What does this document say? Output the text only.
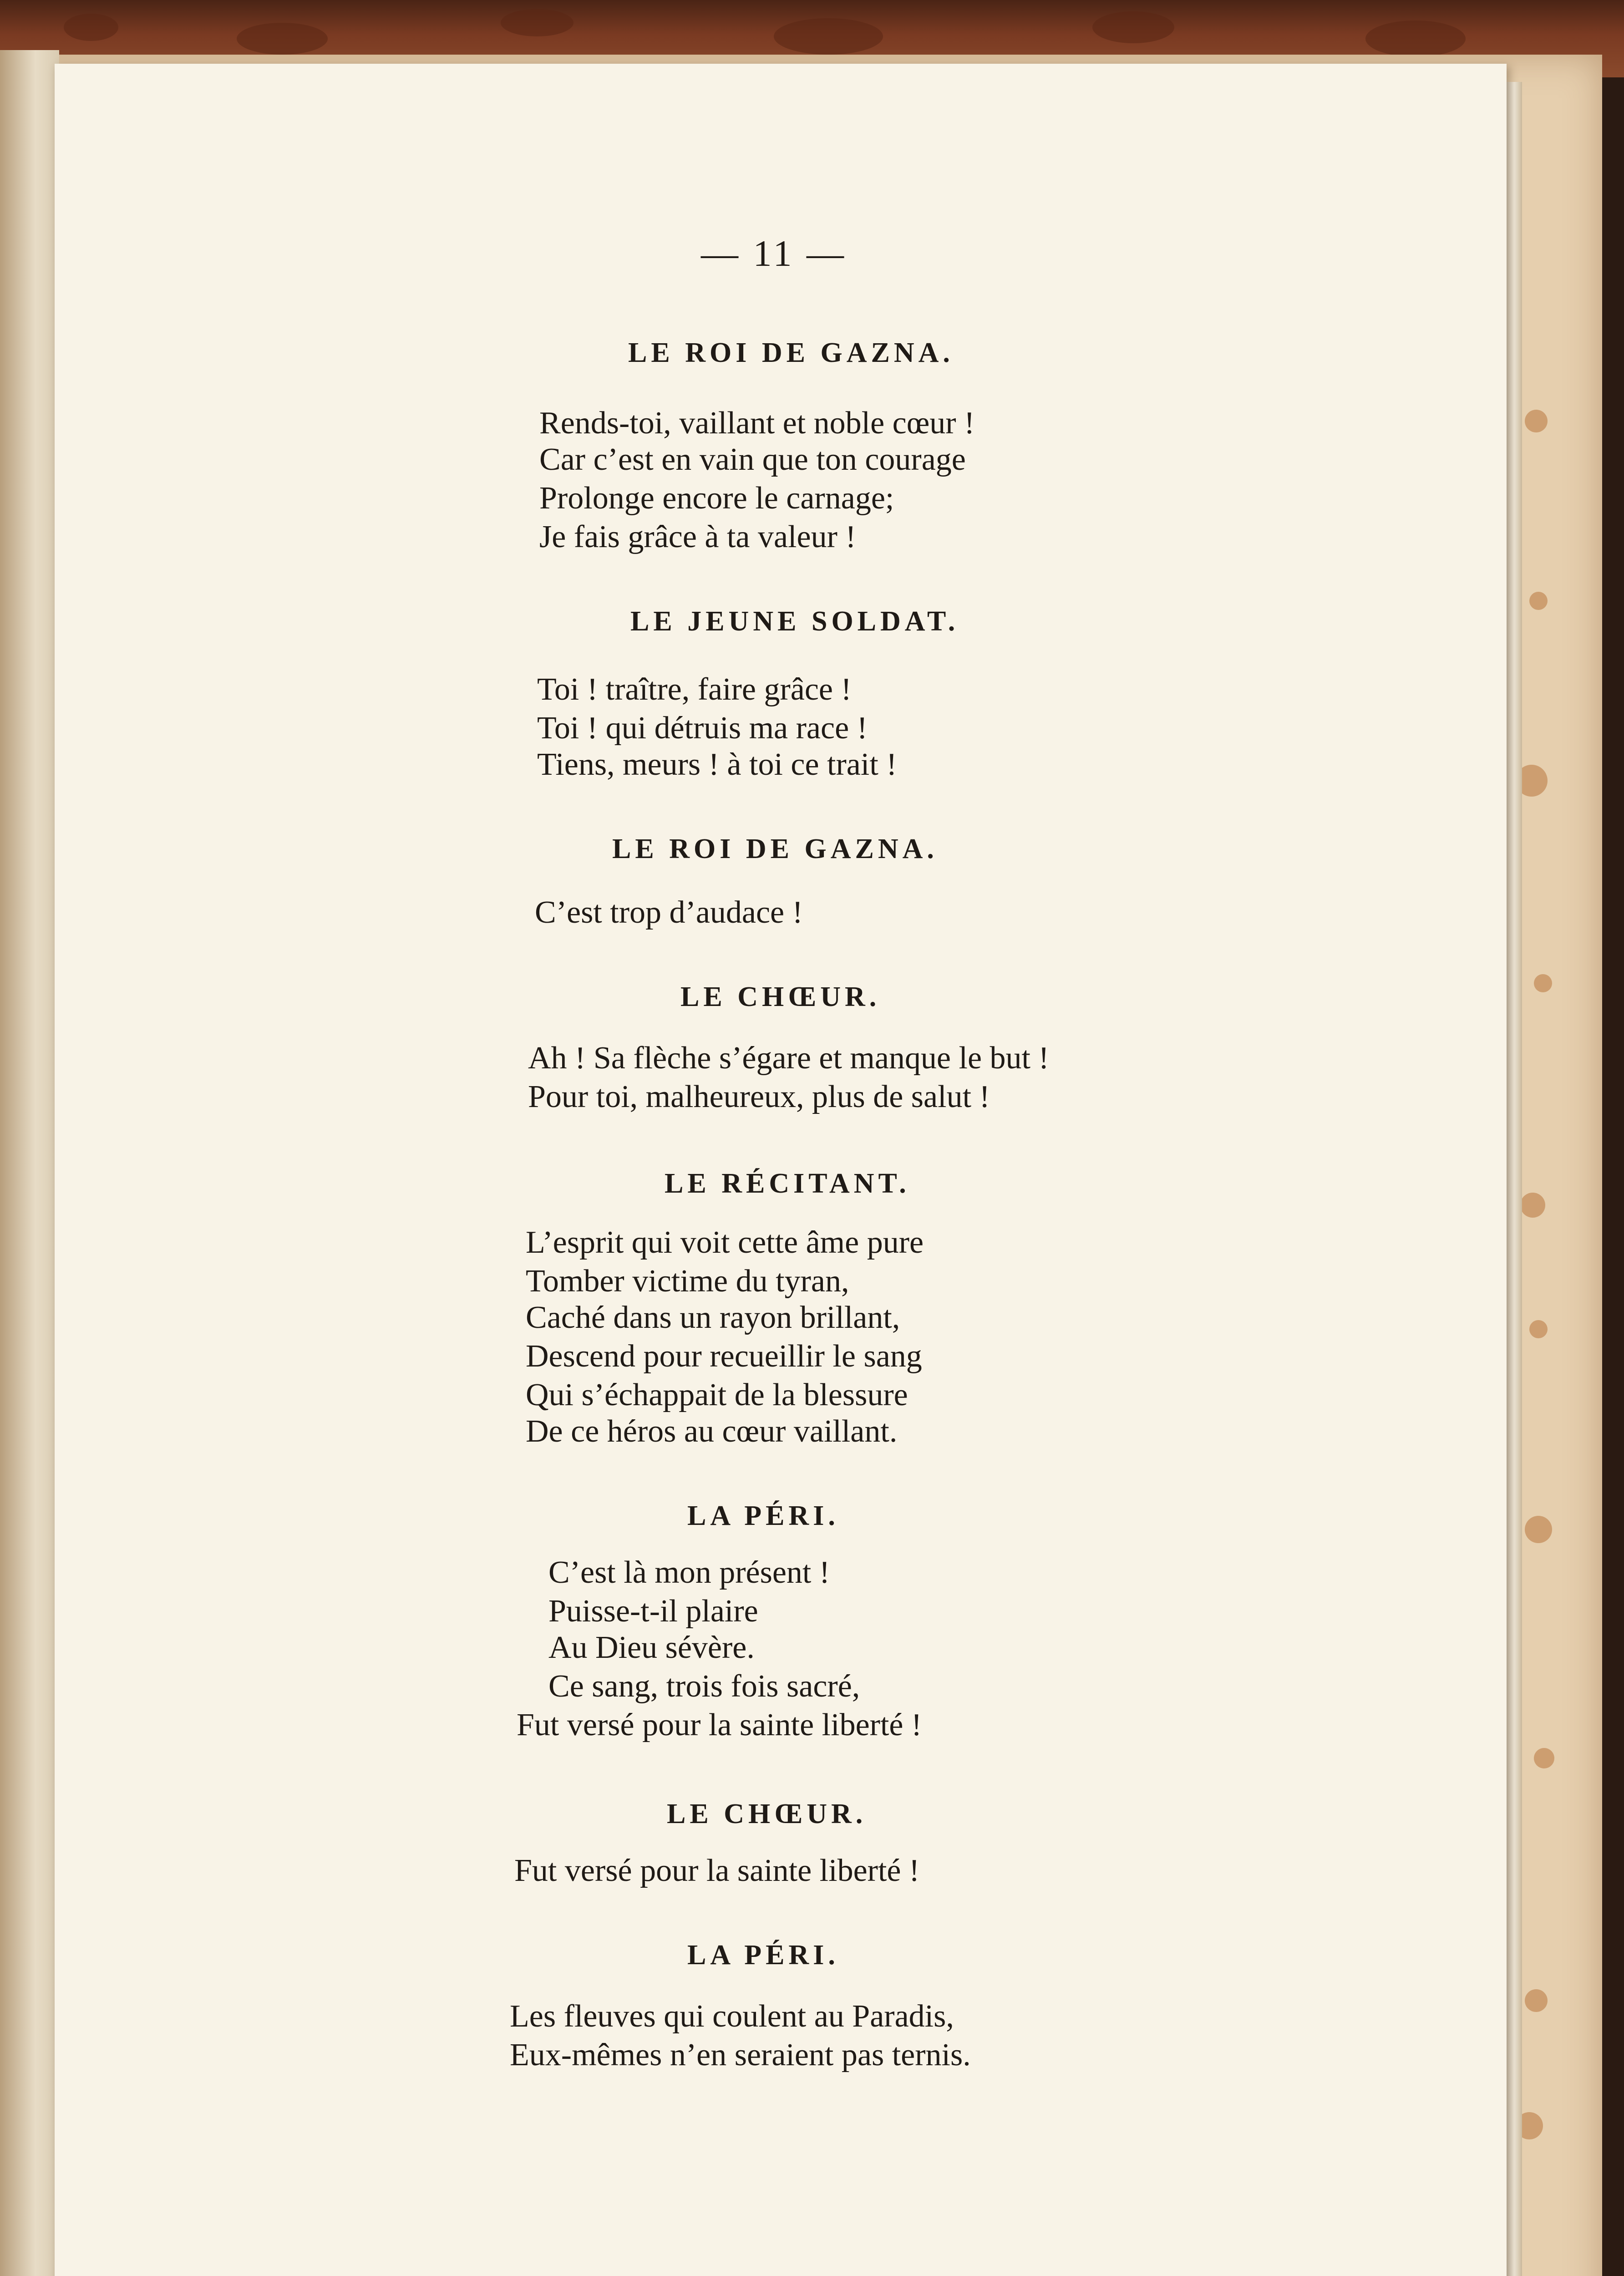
— 11 —
LE ROI DE GAZNA.
Rends-toi, vaillant et noble cœur !
Car c’est en vain que ton courage
Prolonge encore le carnage;
Je fais grâce à ta valeur !
LE JEUNE SOLDAT.
Toi ! traître, faire grâce !
Toi ! qui détruis ma race !
Tiens, meurs ! à toi ce trait !
LE ROI DE GAZNA.
C’est trop d’audace !
LE CHŒUR.
Ah ! Sa flèche s’égare et manque le but !
Pour toi, malheureux, plus de salut !
LE RÉCITANT.
L’esprit qui voit cette âme pure
Tomber victime du tyran,
Caché dans un rayon brillant,
Descend pour recueillir le sang
Qui s’échappait de la blessure
De ce héros au cœur vaillant.
LA PÉRI.
C’est là mon présent !
Puisse-t-il plaire
Au Dieu sévère.
Ce sang, trois fois sacré,
Fut versé pour la sainte liberté !
LE CHŒUR.
Fut versé pour la sainte liberté !
LA PÉRI.
Les fleuves qui coulent au Paradis,
Eux-mêmes n’en seraient pas ternis.
